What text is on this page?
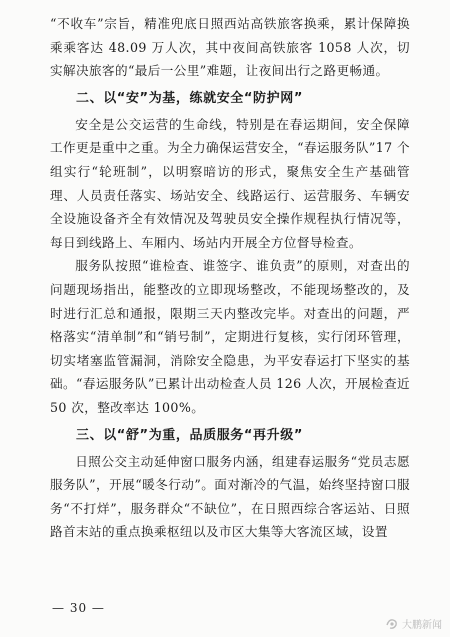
“不收车”宗旨，精准兜底日照西站高铁旅客换乘，累计保障换乘乘客达 48.09 万人次，其中夜间高铁旅客 1058 人次，切实解决旅客的“最后一公里”难题，让夜间出行之路更畅通。

二、以“安”为基，练就安全“防护网”

安全是公交运营的生命线，特别是在春运期间，安全保障工作更是重中之重。为全力确保运营安全，“春运服务队”17 个组实行“轮班制”，以明察暗访的形式，聚焦安全生产基础管理、人员责任落实、场站安全、线路运行、运营服务、车辆安全设施设备齐全有效情况及驾驶员安全操作规程执行情况等，每日到线路上、车厢内、场站内开展全方位督导检查。

服务队按照“谁检查、谁签字、谁负责”的原则，对查出的问题现场指出，能整改的立即现场整改，不能现场整改的，及时进行汇总和通报，限期三天内整改完毕。对查出的问题，严格落实“清单制”和“销号制”，定期进行复核，实行闭环管理，切实堵塞监管漏洞，消除安全隐患，为平安春运打下坚实的基础。“春运服务队”已累计出动检查人员 126 人次，开展检查近 50 次，整改率达 100%。

三、以“舒”为重，品质服务“再升级”

日照公交主动延伸窗口服务内涵，组建春运服务“党员志愿服务队”，开展“暖冬行动”。面对渐冷的气温，始终坚持窗口服务“不打烊”，服务群众“不缺位”，在日照西综合客运站、日照路首末站的重点换乘枢纽以及市区大集等大客流区域，设置

— 30 —
大鹏新闻
